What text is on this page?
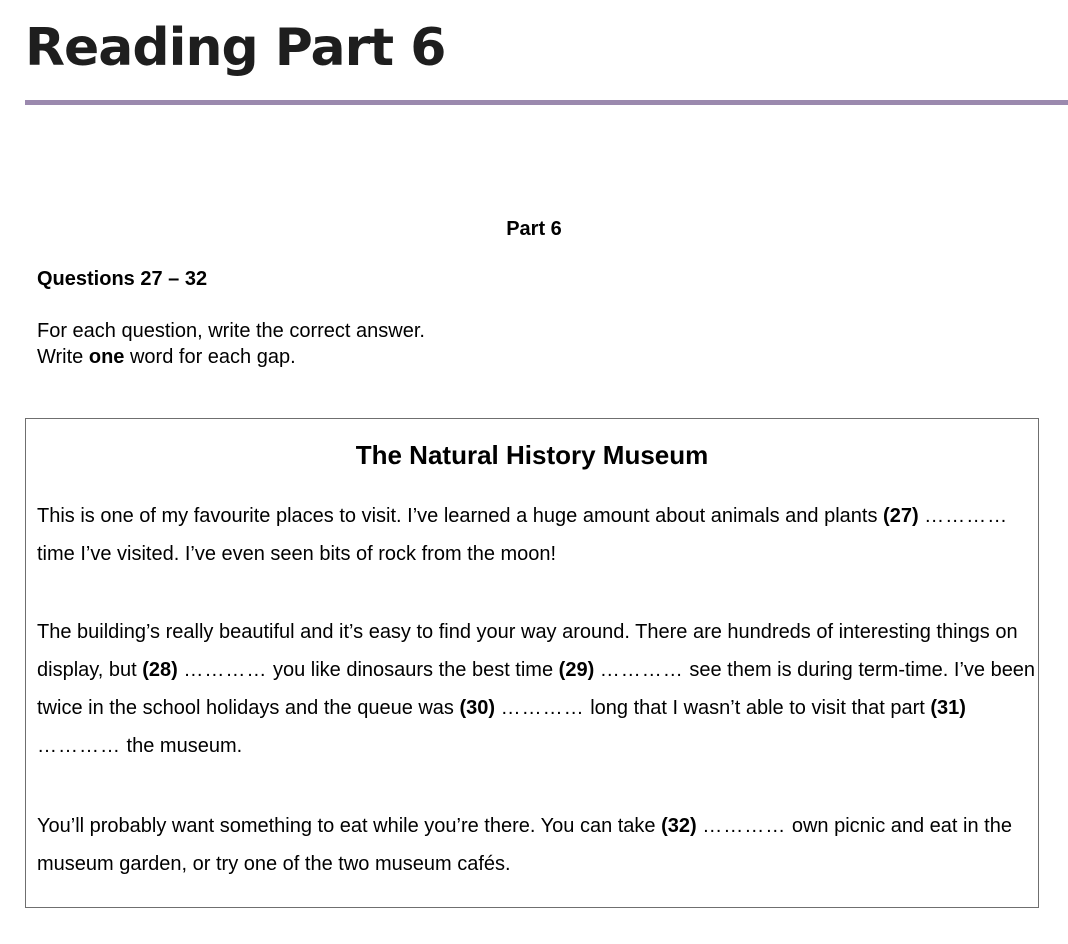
Reading Part 6
Part 6
Questions 27 – 32
For each question, write the correct answer.
Write one word for each gap.
The Natural History Museum

This is one of my favourite places to visit. I’ve learned a huge amount about animals and plants (27) ………… time I’ve visited. I’ve even seen bits of rock from the moon!

The building’s really beautiful and it’s easy to find your way around. There are hundreds of interesting things on display, but (28) ………… you like dinosaurs the best time (29) ………… see them is during term-time. I’ve been twice in the school holidays and the queue was (30) ………… long that I wasn’t able to visit that part (31) ………… the museum.

You’ll probably want something to eat while you’re there. You can take (32) ………… own picnic and eat in the museum garden, or try one of the two museum cafés.
